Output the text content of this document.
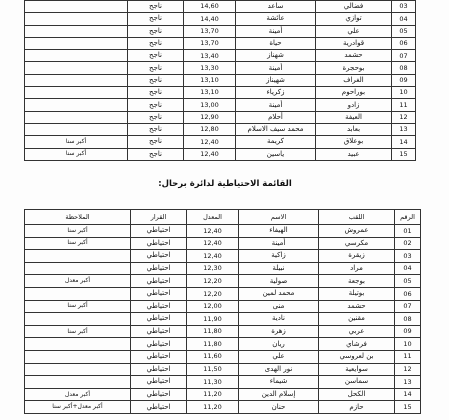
03	فضالي	ساعد	14,60	ناجح	
04	توازي	عائشة	14,40	ناجح	
05	علي	أمينة	13,70	ناجح	
06	قوادرية	حياة	13,70	ناجح	
07	حشمد	شهناز	13,40	ناجح	
08	بوحجرة	أمينة	13,30	ناجح	
09	الغراف	شهيناز	13,10	ناجح	
10	بوراحوم	زكرياء	13,10	ناجح	
11	زادو	أمينة	13,00	ناجح	
12	العيفة	أحلام	12,90	ناجح	
13	بعابد	محمد سيف الاسلام	12,80	ناجح	
14	بوعلاق	كريمة	12,40	ناجح	أكبر سنا
15	عبيد	ياسين	12,40	ناجح	أكبر سنا
القائمة الاحتياطية لدائرة برحال:
الرقم	اللقب	الاسم	المعدل	القرار	الملاحظة
01	عمروش	الهيفاء	12,40	احتياطي	أكبر سنا
02	مكرسي	أمينة	12,40	احتياطي	أكبر سنا
03	زيقرة	زاكية	12,40	احتياطي	
04	مراد	نبيلة	12,30	احتياطي	
05	بوجعة	صولية	12,20	احتياطي	أكبر معدل
06	بوتيلة	محمد لمين	12,20	احتياطي	
07	حشمد	منى	12,00	احتياطي	أكبر سنا
08	مقنين	نادية	11,90	احتياطي	
09	عربي	زهرة	11,80	احتياطي	أكبر سنا
10	فرشاي	ريان	11,80	احتياطي	
11	بن لعروسي	علي	11,60	احتياطي	
12	سوايعية	نور الهدى	11,50	احتياطي	
13	سماسن	شيماء	11,30	احتياطي	
14	الكحل	إسلام الدين	11,20	احتياطي	أكبر معدل
15	حازم	حنان	11,20	احتياطي	أكبر معدل+أكبر سنا
